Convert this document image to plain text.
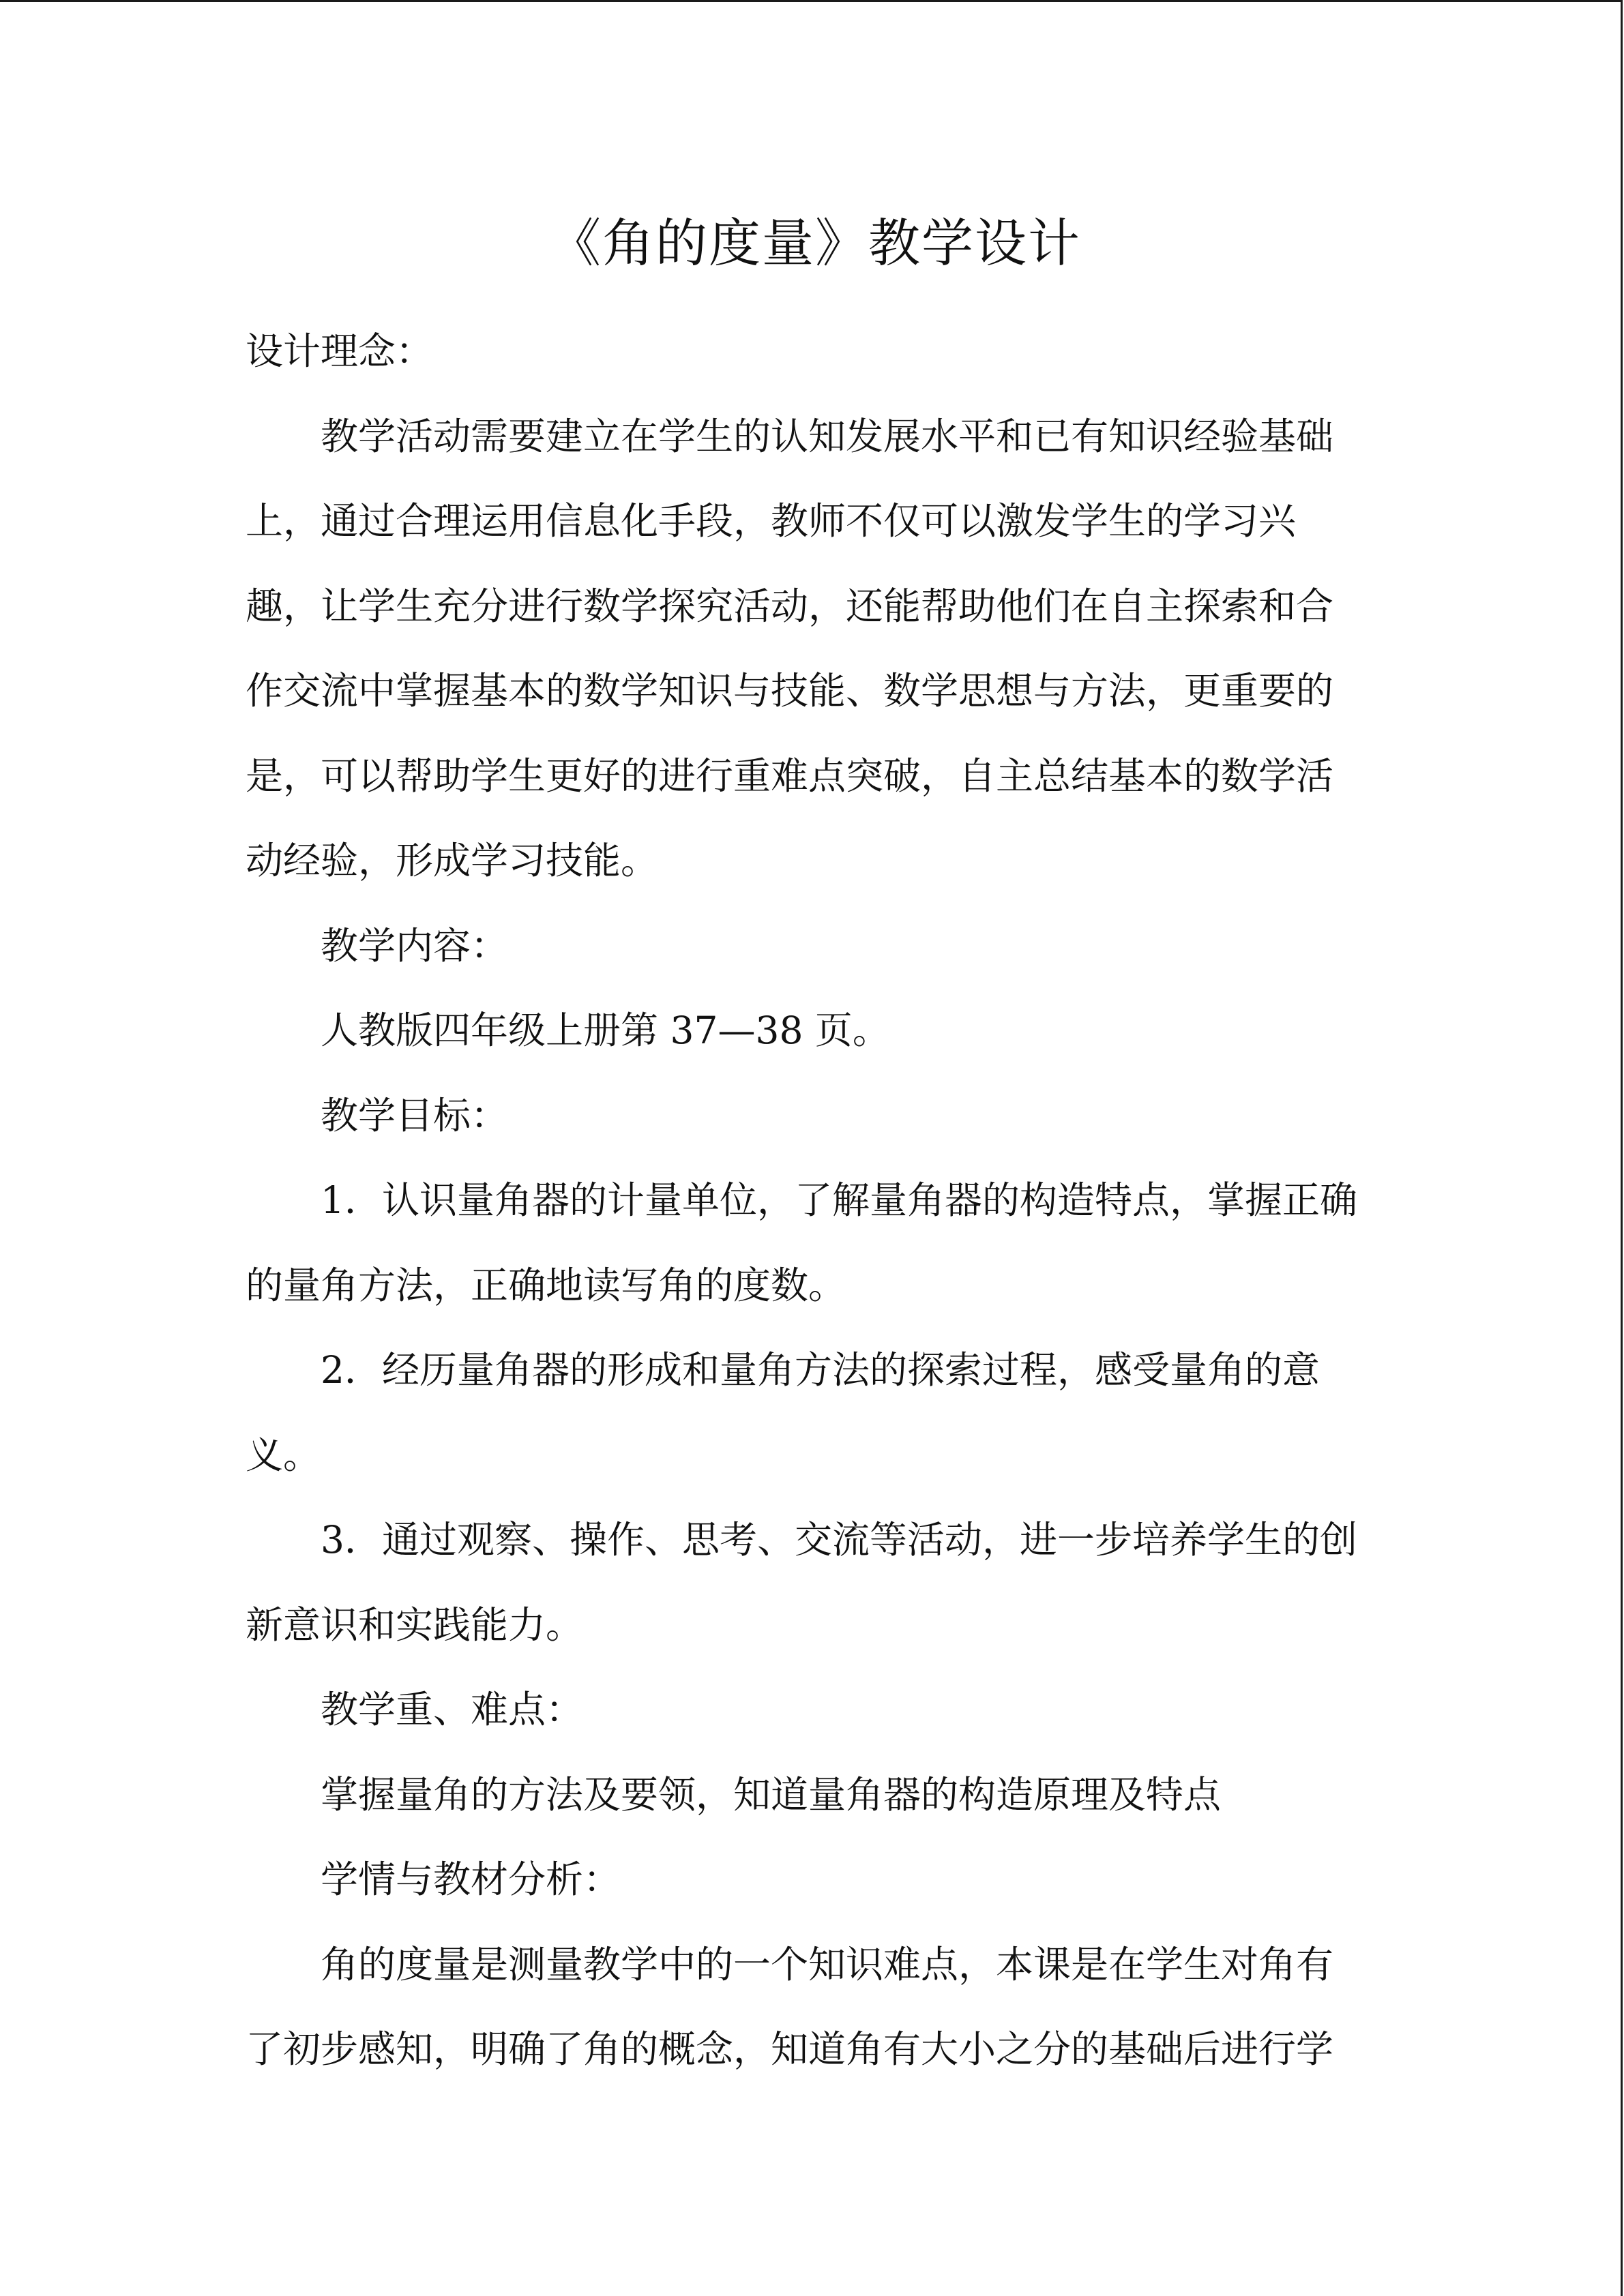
《角的度量》教学设计

设计理念：

教学活动需要建立在学生的认知发展水平和已有知识经验基础

上，通过合理运用信息化手段，教师不仅可以激发学生的学习兴

趣，让学生充分进行数学探究活动，还能帮助他们在自主探索和合

作交流中掌握基本的数学知识与技能、数学思想与方法，更重要的

是，可以帮助学生更好的进行重难点突破，自主总结基本的数学活

动经验，形成学习技能。

教学内容：

人教版四年级上册第 37—38 页。

教学目标：

1．认识量角器的计量单位，了解量角器的构造特点，掌握正确

的量角方法，正确地读写角的度数。

2．经历量角器的形成和量角方法的探索过程，感受量角的意

义。

3．通过观察、操作、思考、交流等活动，进一步培养学生的创

新意识和实践能力。

教学重、难点：

掌握量角的方法及要领，知道量角器的构造原理及特点

学情与教材分析：

角的度量是测量教学中的一个知识难点，本课是在学生对角有

了初步感知，明确了角的概念，知道角有大小之分的基础后进行学
